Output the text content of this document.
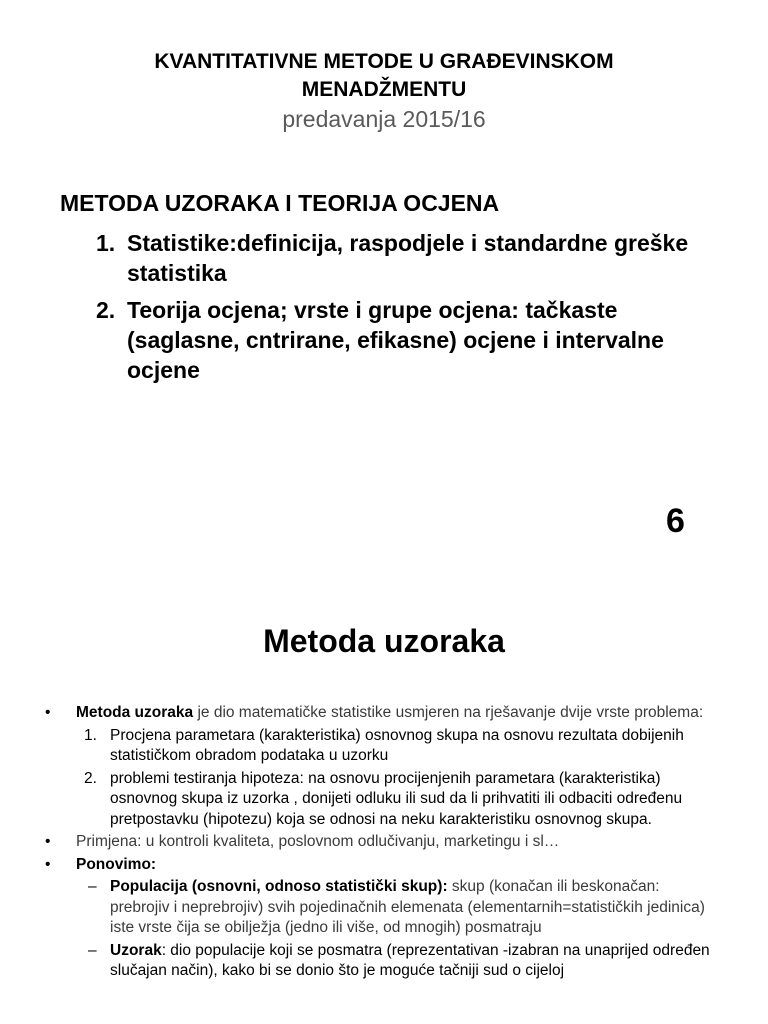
KVANTITATIVNE METODE U GRAĐEVINSKOM
MENADŽMENTU
predavanja 2015/16
METODA UZORAKA I TEORIJA OCJENA
1. Statistike:definicija, raspodjele i standardne greške statistika
2. Teorija ocjena; vrste i grupe ocjena: tačkaste (saglasne, cntrirane, efikasne) ocjene i intervalne ocjene
6
Metoda uzoraka
• Metoda uzoraka je dio matematičke statistike usmjeren na rješavanje dvije vrste problema:
1. Procjena parametara (karakteristika) osnovnog skupa na osnovu rezultata dobijenih statističkom obradom podataka u uzorku
2. problemi testiranja hipoteza: na osnovu procijenjenih parametara (karakteristika) osnovnog skupa iz uzorka , donijeti odluku ili sud da li prihvatiti ili odbaciti određenu pretpostavku (hipotezu) koja se odnosi na neku karakteristiku osnovnog skupa.
• Primjena: u kontroli kvaliteta, poslovnom odlučivanju, marketingu i sl…
• Ponovimo:
– Populacija (osnovni, odnoso statistički skup): skup (konačan ili beskonačan: prebrojiv i neprebrojiv) svih pojedinačnih elemenata (elementarnih=statističkih jedinica) iste vrste čija se obilježja (jedno ili više, od mnogih) posmatraju
– Uzorak: dio populacije koji se posmatra (reprezentativan -izabran na unaprijed određen slučajan način), kako bi se donio što je moguće tačniji sud o cijeloj
